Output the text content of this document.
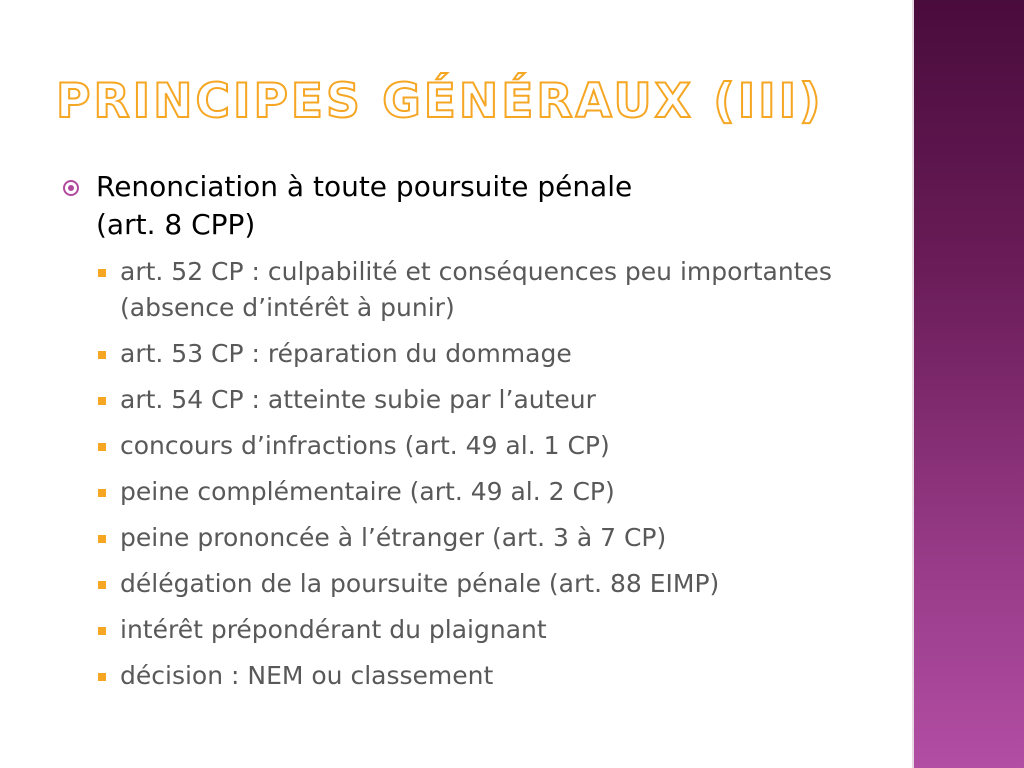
PRINCIPES GÉNÉRAUX (III)
Renonciation à toute poursuite pénale
(art. 8 CPP)
art. 52 CP : culpabilité et conséquences peu importantes (absence d’intérêt à punir)
art. 53 CP : réparation du dommage
art. 54 CP : atteinte subie par l’auteur
concours d’infractions (art. 49 al. 1 CP)
peine complémentaire (art. 49 al. 2 CP)
peine prononcée à l’étranger (art. 3 à 7 CP)
délégation de la poursuite pénale (art. 88 EIMP)
intérêt prépondérant du plaignant
décision : NEM ou classement
